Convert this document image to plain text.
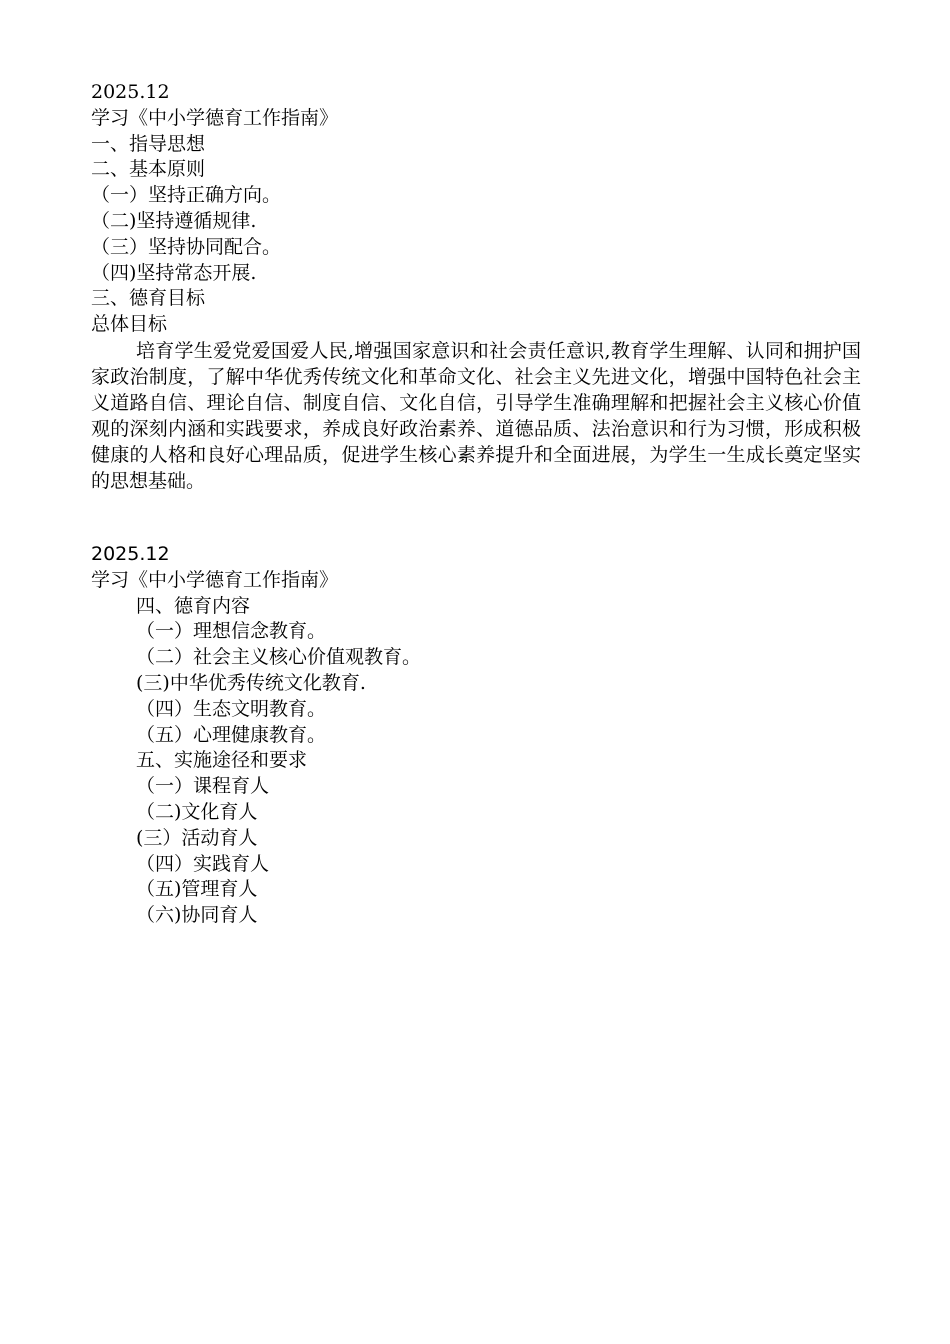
2025.12
学习《中小学德育工作指南》
一、指导思想
二、基本原则
（一）坚持正确方向。
（二)坚持遵循规律.
（三）坚持协同配合。
（四)坚持常态开展.
三、德育目标
总体目标

培育学生爱党爱国爱人民,增强国家意识和社会责任意识,教育学生理解、认同和拥护国家政治制度，了解中华优秀传统文化和革命文化、社会主义先进文化，增强中国特色社会主义道路自信、理论自信、制度自信、文化自信，引导学生准确理解和把握社会主义核心价值观的深刻内涵和实践要求，养成良好政治素养、道德品质、法治意识和行为习惯，形成积极健康的人格和良好心理品质，促进学生核心素养提升和全面进展，为学生一生成长奠定坚实的思想基础。

2025.12
学习《中小学德育工作指南》
四、德育内容
（一）理想信念教育。
（二）社会主义核心价值观教育。
(三)中华优秀传统文化教育.
（四）生态文明教育。
（五）心理健康教育。
五、实施途径和要求
（一）课程育人
（二)文化育人
(三）活动育人
（四）实践育人
（五)管理育人
（六)协同育人
